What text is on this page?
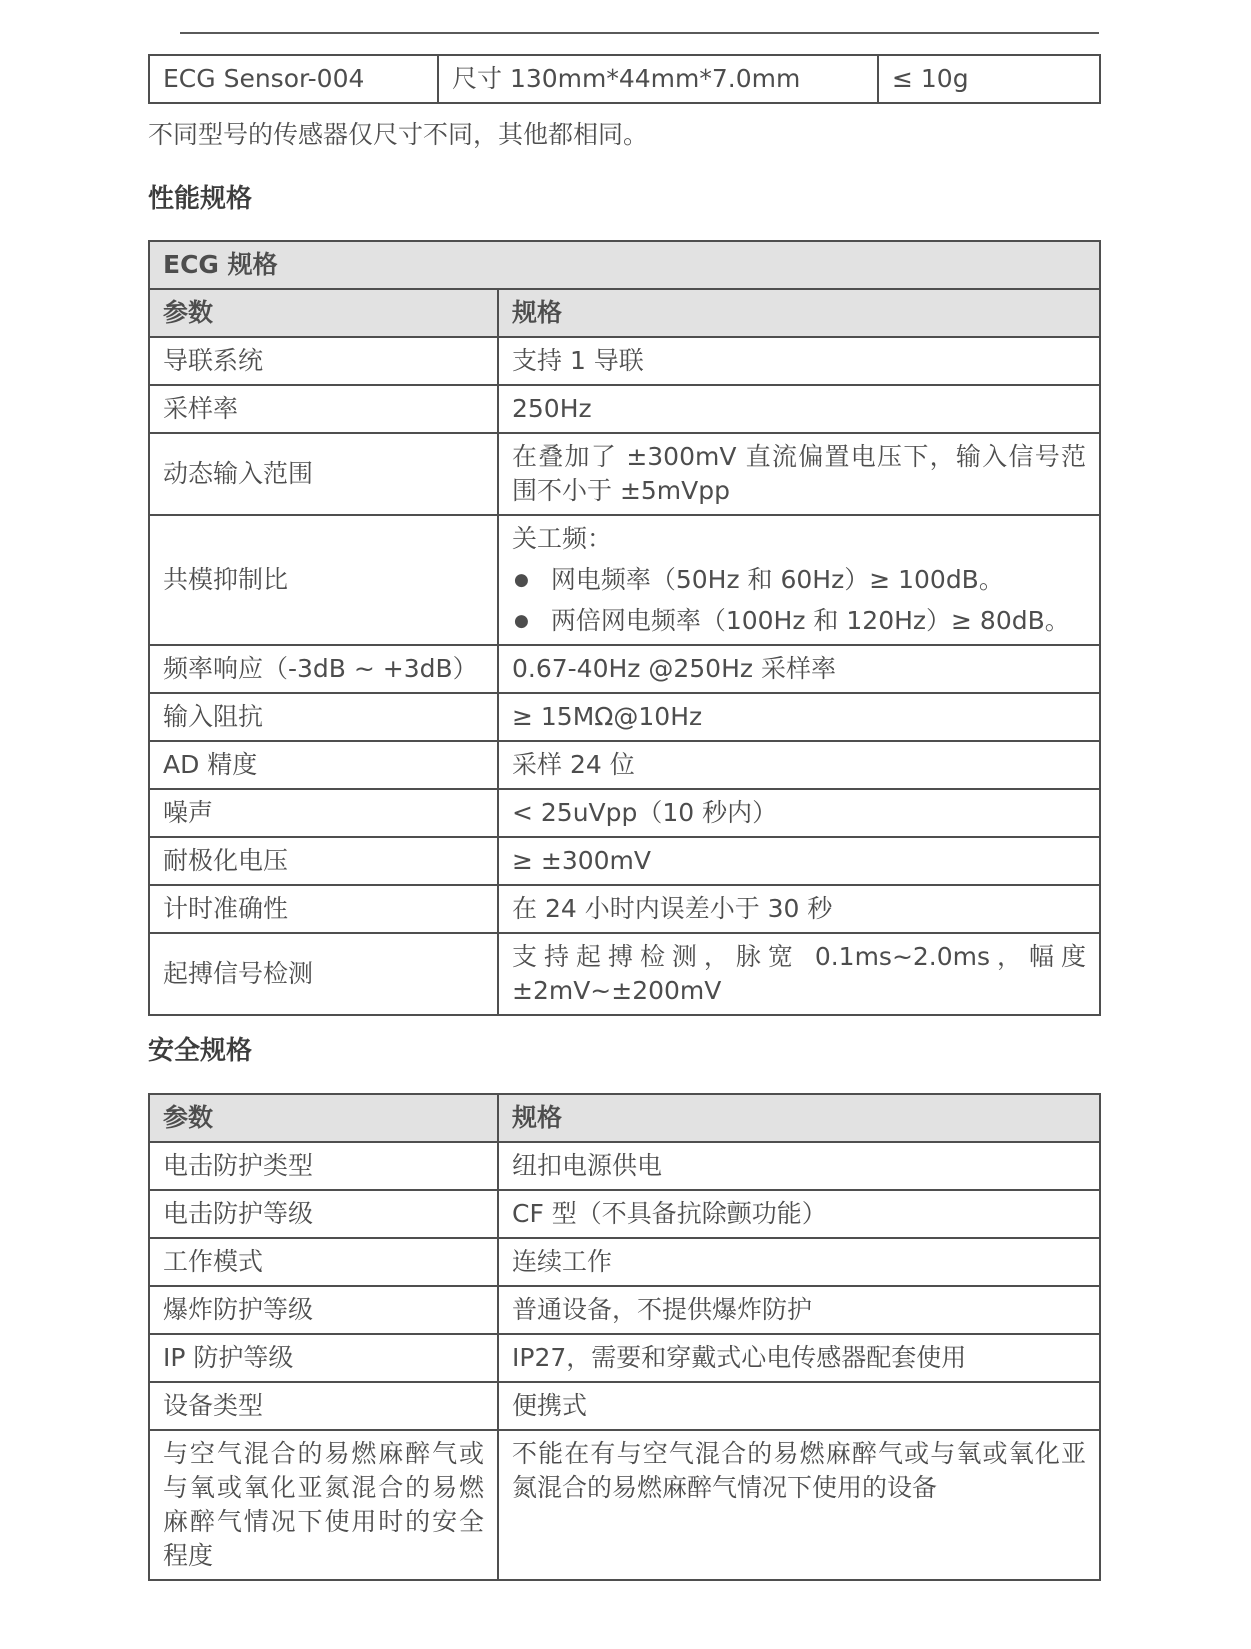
ECG Sensor-004	尺寸 130mm*44mm*7.0mm	≤ 10g

不同型号的传感器仅尺寸不同，其他都相同。

性能规格
ECG 规格	
参数	规格
导联系统	支持 1 导联
采样率	250Hz
动态输入范围	在叠加了 ±300mV 直流偏置电压下，输入信号范围不小于 ±5mVpp
共模抑制比	关工频：
● 网电频率（50Hz 和 60Hz）≥ 100dB。
● 两倍网电频率（100Hz 和 120Hz）≥ 80dB。

频率响应（-3dB ~ +3dB）	0.67-40Hz @250Hz 采样率
输入阻抗	≥ 15MΩ@10Hz
AD 精度	采样 24 位
噪声	< 25uVpp（10 秒内）
耐极化电压	≥ ±300mV
计时准确性	在 24 小时内误差小于 30 秒
起搏信号检测	支持起搏检测，脉宽 0.1ms~2.0ms，幅度 ±2mV~±200mV
安全规格
参数	规格
电击防护类型	纽扣电源供电
电击防护等级	CF 型（不具备抗除颤功能）
工作模式	连续工作
爆炸防护等级	普通设备，不提供爆炸防护
IP 防护等级	IP27，需要和穿戴式心电传感器配套使用
设备类型	便携式
与空气混合的易燃麻醉气或与氧或氧化亚氮混合的易燃麻醉气情况下使用时的安全程度	不能在有与空气混合的易燃麻醉气或与氧或氧化亚氮混合的易燃麻醉气情况下使用的设备
